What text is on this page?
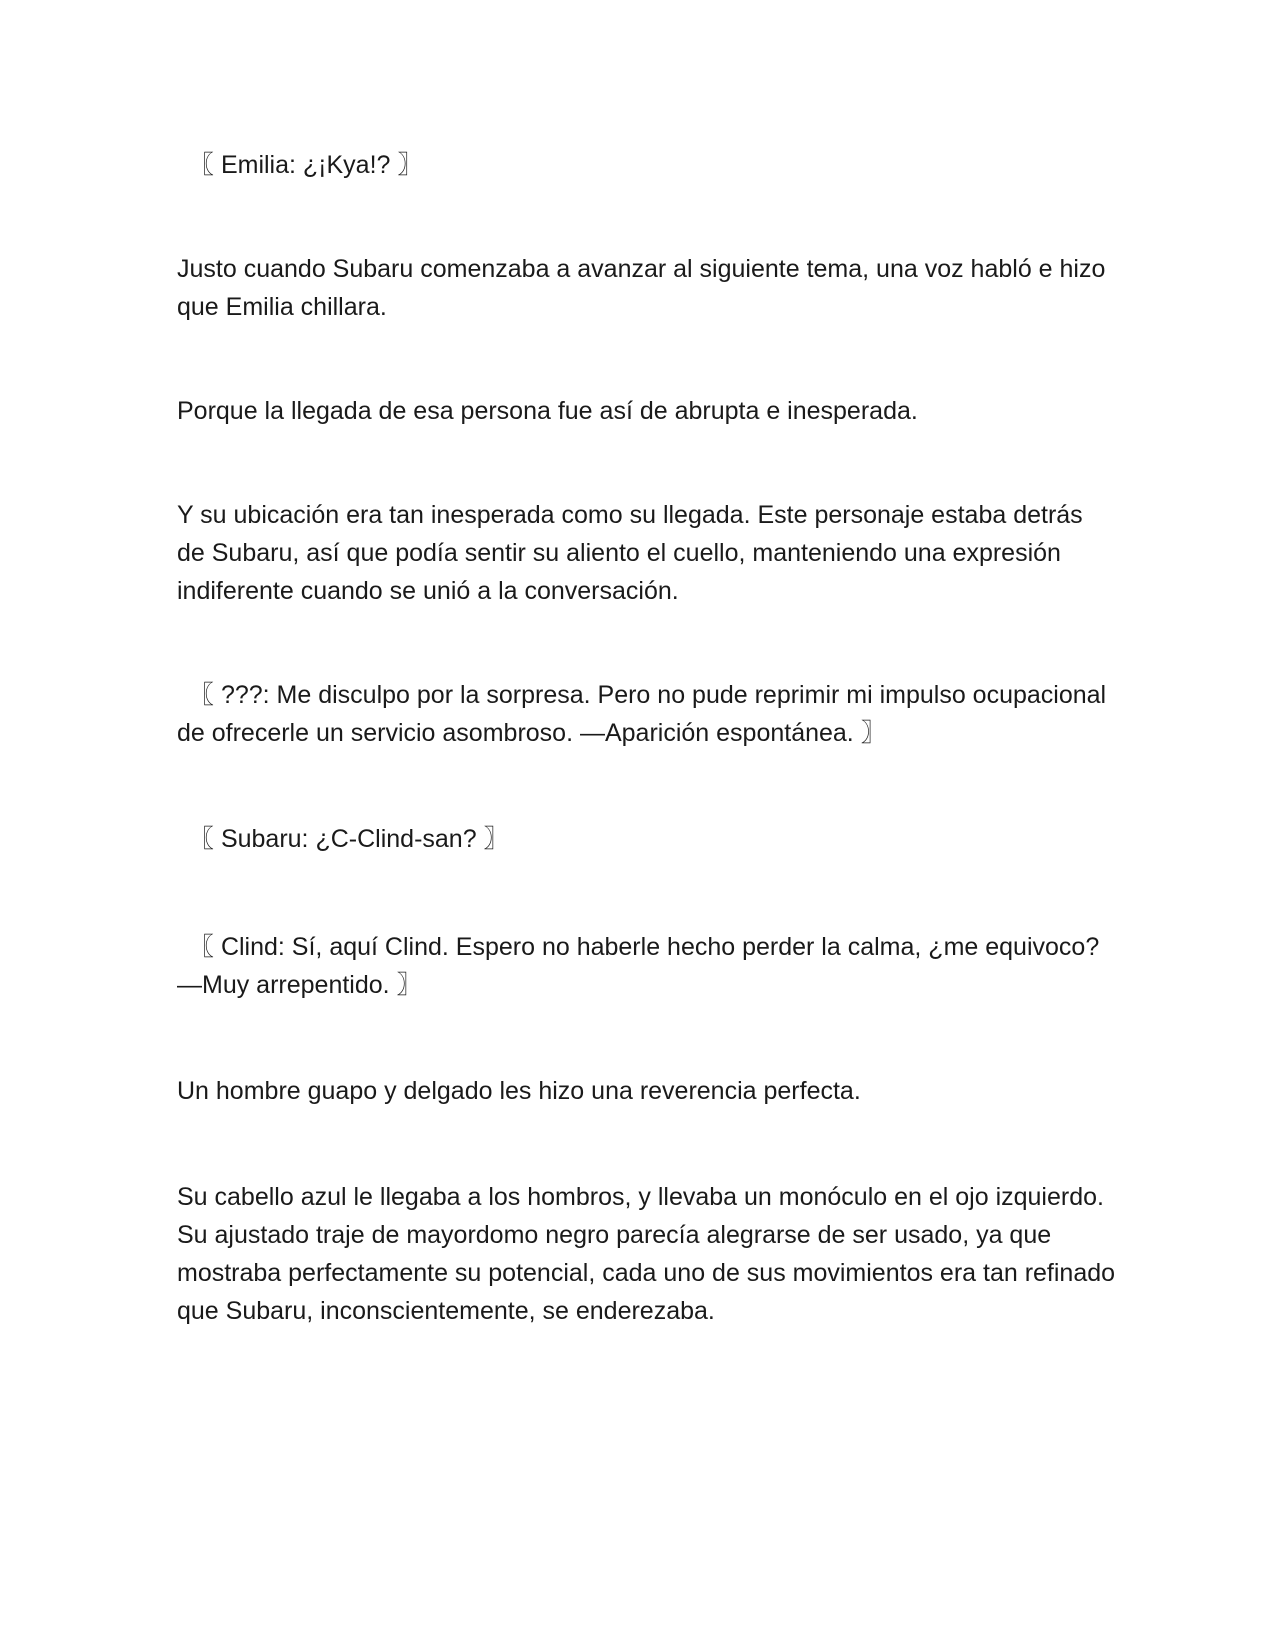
〖 Emilia: ¿¡Kya!? 〗

Justo cuando Subaru comenzaba a avanzar al siguiente tema, una voz habló e hizo que Emilia chillara.

Porque la llegada de esa persona fue así de abrupta e inesperada.

Y su ubicación era tan inesperada como su llegada. Este personaje estaba detrás de Subaru, así que podía sentir su aliento el cuello, manteniendo una expresión indiferente cuando se unió a la conversación.

〖 ???: Me disculpo por la sorpresa. Pero no pude reprimir mi impulso ocupacional de ofrecerle un servicio asombroso. —Aparición espontánea. 〗

〖 Subaru: ¿C-Clind-san? 〗

〖 Clind: Sí, aquí Clind. Espero no haberle hecho perder la calma, ¿me equivoco? —Muy arrepentido. 〗

Un hombre guapo y delgado les hizo una reverencia perfecta.

Su cabello azul le llegaba a los hombros, y llevaba un monóculo en el ojo izquierdo. Su ajustado traje de mayordomo negro parecía alegrarse de ser usado, ya que mostraba perfectamente su potencial, cada uno de sus movimientos era tan refinado que Subaru, inconscientemente, se enderezaba.
